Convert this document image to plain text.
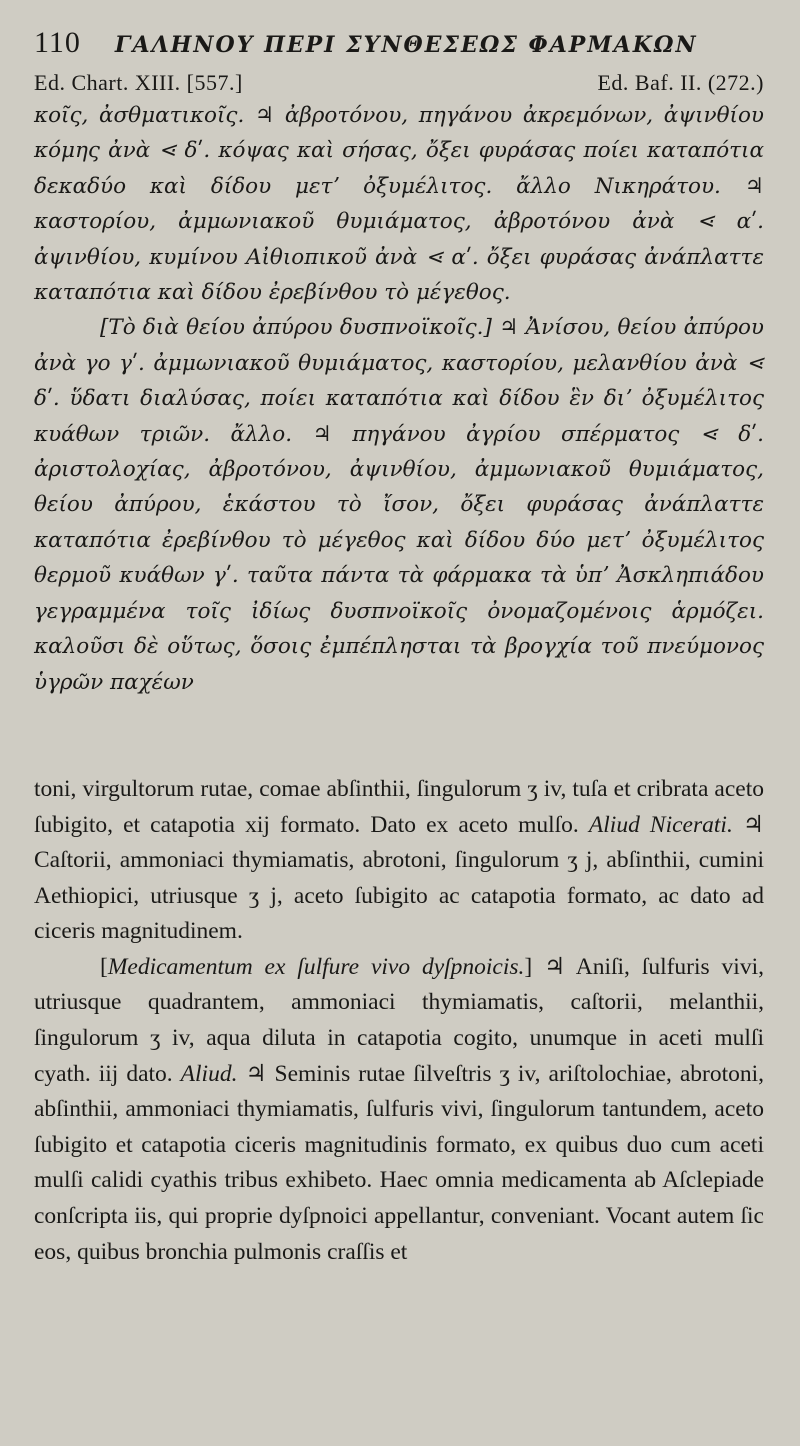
110 ΓΑΛΗΝΟΥ ΠΕΡΙ ΣΥΝΘΕΣΕΩΣ ΦΑΡΜΑΚΩΝ
Ed. Chart. XIII. [557.]	Ed. Baf. II. (272.)

κοῖς, ἀσθματικοῖς. ♃ ἀβροτόνου, πηγάνου ἀκρεμόνων, ἀψινθίου κόμης ἀνὰ ⋖ δʹ. κόψας καὶ σήσας, ὄξει φυράσας ποίει καταπότια δεκαδύο καὶ δίδου μετʼ ὀξυμέλιτος. ἄλλο Νικηράτου. ♃ καστορίου, ἀμμωνιακοῦ θυμιάματος, ἀβροτόνου ἀνὰ ⋖ αʹ. ἀψινθίου, κυμίνου Αἰθιοπικοῦ ἀνὰ ⋖ αʹ. ὄξει φυράσας ἀνάπλαττε καταπότια καὶ δίδου ἐρεβίνθου τὸ μέγεθος.

[Τὸ διὰ θείου ἀπύρου δυσπνοϊκοῖς.] ♃ Ἀνίσου, θείου ἀπύρου ἀνὰ γο γʹ. ἀμμωνιακοῦ θυμιάματος, καστορίου, μελανθίου ἀνὰ ⋖ δʹ. ὕδατι διαλύσας, ποίει καταπότια καὶ δίδου ἓν διʼ ὀξυμέλιτος κυάθων τριῶν. ἄλλο. ♃ πηγάνου ἀγρίου σπέρματος ⋖ δʹ. ἀριστολοχίας, ἀβροτόνου, ἀψινθίου, ἀμμωνιακοῦ θυμιάματος, θείου ἀπύρου, ἑκάστου τὸ ἴσον, ὄξει φυράσας ἀνάπλαττε καταπότια ἐρεβίνθου τὸ μέγεθος καὶ δίδου δύο μετʼ ὀξυμέλιτος θερμοῦ κυάθων γʹ. ταῦτα πάντα τὰ φάρμακα τὰ ὑπʼ Ἀσκληπιάδου γεγραμμένα τοῖς ἰδίως δυσπνοϊκοῖς ὀνομαζομένοις ἁρμόζει. καλοῦσι δὲ οὕτως, ὅσοις ἐμπέπλησται τὰ βρογχία τοῦ πνεύμονος ὑγρῶν παχέων

toni, virgultorum rutae, comae abſinthii, ſingulorum ʒ iv, tuſa et cribrata aceto ſubigito, et catapotia xij formato. Dato ex aceto mulſo. Aliud Nicerati. ♃ Caſtorii, ammoniaci thymiamatis, abrotoni, ſingulorum ʒ j, abſinthii, cumini Aethiopici, utriusque ʒ j, aceto ſubigito ac catapotia formato, ac dato ad ciceris magnitudinem.

[Medicamentum ex ſulfure vivo dyſpnoicis.] ♃ Aniſi, ſulfuris vivi, utriusque quadrantem, ammoniaci thymiamatis, caſtorii, melanthii, ſingulorum ʒ iv, aqua diluta in catapotia cogito, unumque in aceti mulſi cyath. iij dato. Aliud. ♃ Seminis rutae ſilveſtris ʒ iv, ariſtolochiae, abrotoni, abſinthii, ammoniaci thymiamatis, ſulfuris vivi, ſingulorum tantundem, aceto ſubigito et catapotia ciceris magnitudinis formato, ex quibus duo cum aceti mulſi calidi cyathis tribus exhibeto. Haec omnia medicamenta ab Aſclepiade conſcripta iis, qui proprie dyſpnoici appellantur, conveniant. Vocant autem ſic eos, quibus bronchia pulmonis craſſis et
